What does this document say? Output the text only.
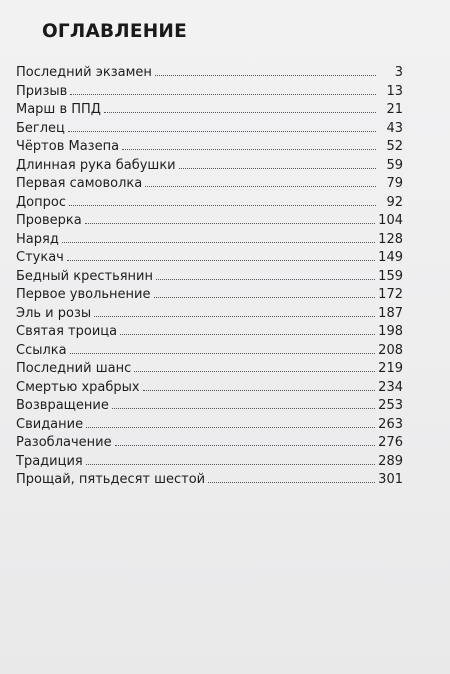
ОГЛАВЛЕНИЕ
Последний экзамен	3
Призыв	13
Марш в ППД	21
Беглец	43
Чёртов Мазепа	52
Длинная рука бабушки	59
Первая самоволка	79
Допрос	92
Проверка	104
Наряд	128
Стукач	149
Бедный крестьянин	159
Первое увольнение	172
Эль и розы	187
Святая троица	198
Ссылка	208
Последний шанс	219
Смертью храбрых	234
Возвращение	253
Свидание	263
Разоблачение	276
Традиция	289
Прощай, пятьдесят шестой	301
